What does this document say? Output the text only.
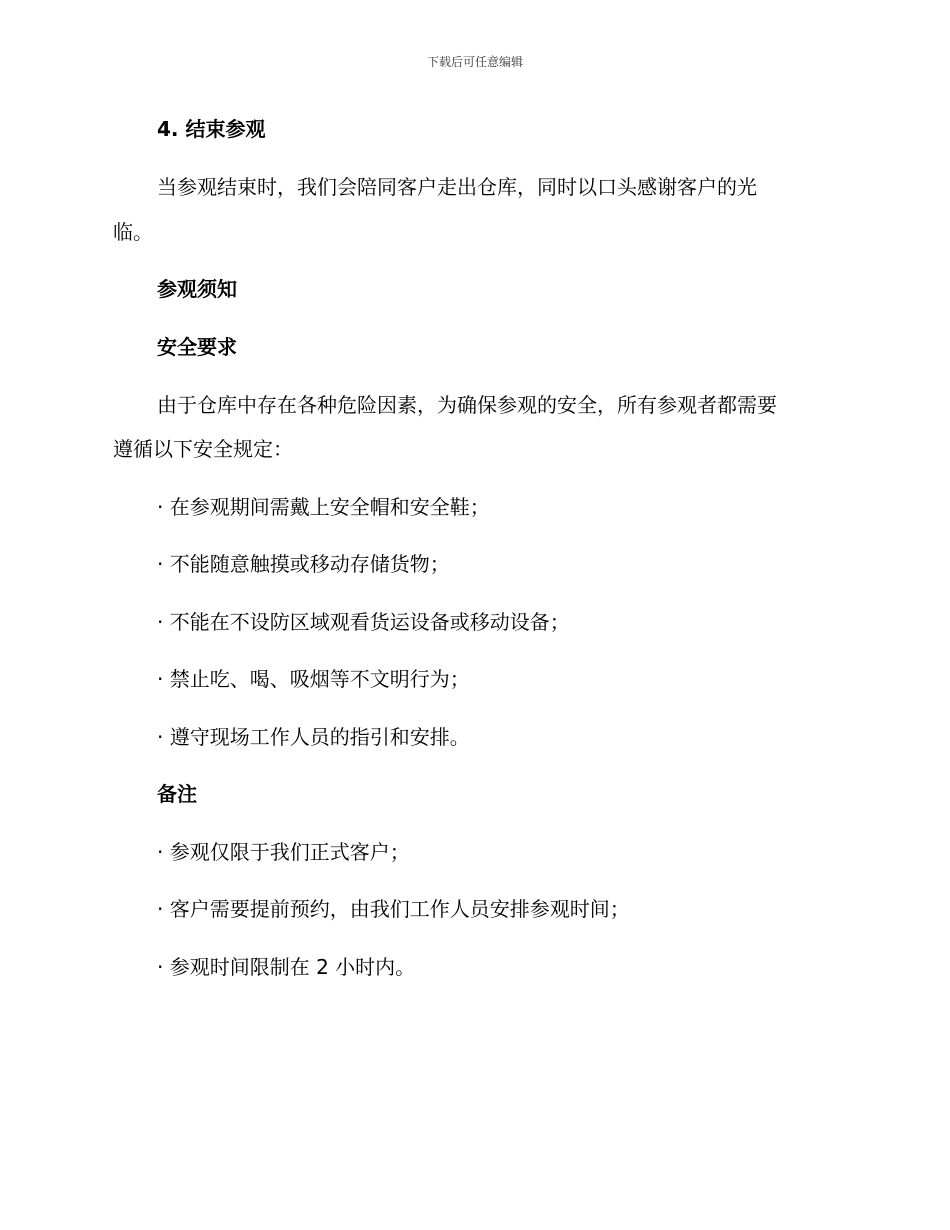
下载后可任意编辑
4. 结束参观
当参观结束时，我们会陪同客户走出仓库，同时以口头感谢客户的光
临。
参观须知
安全要求
由于仓库中存在各种危险因素，为确保参观的安全，所有参观者都需要
遵循以下安全规定：
· 在参观期间需戴上安全帽和安全鞋；
· 不能随意触摸或移动存储货物；
· 不能在不设防区域观看货运设备或移动设备；
· 禁止吃、喝、吸烟等不文明行为；
· 遵守现场工作人员的指引和安排。
备注
· 参观仅限于我们正式客户；
· 客户需要提前预约，由我们工作人员安排参观时间；
· 参观时间限制在 2 小时内。
